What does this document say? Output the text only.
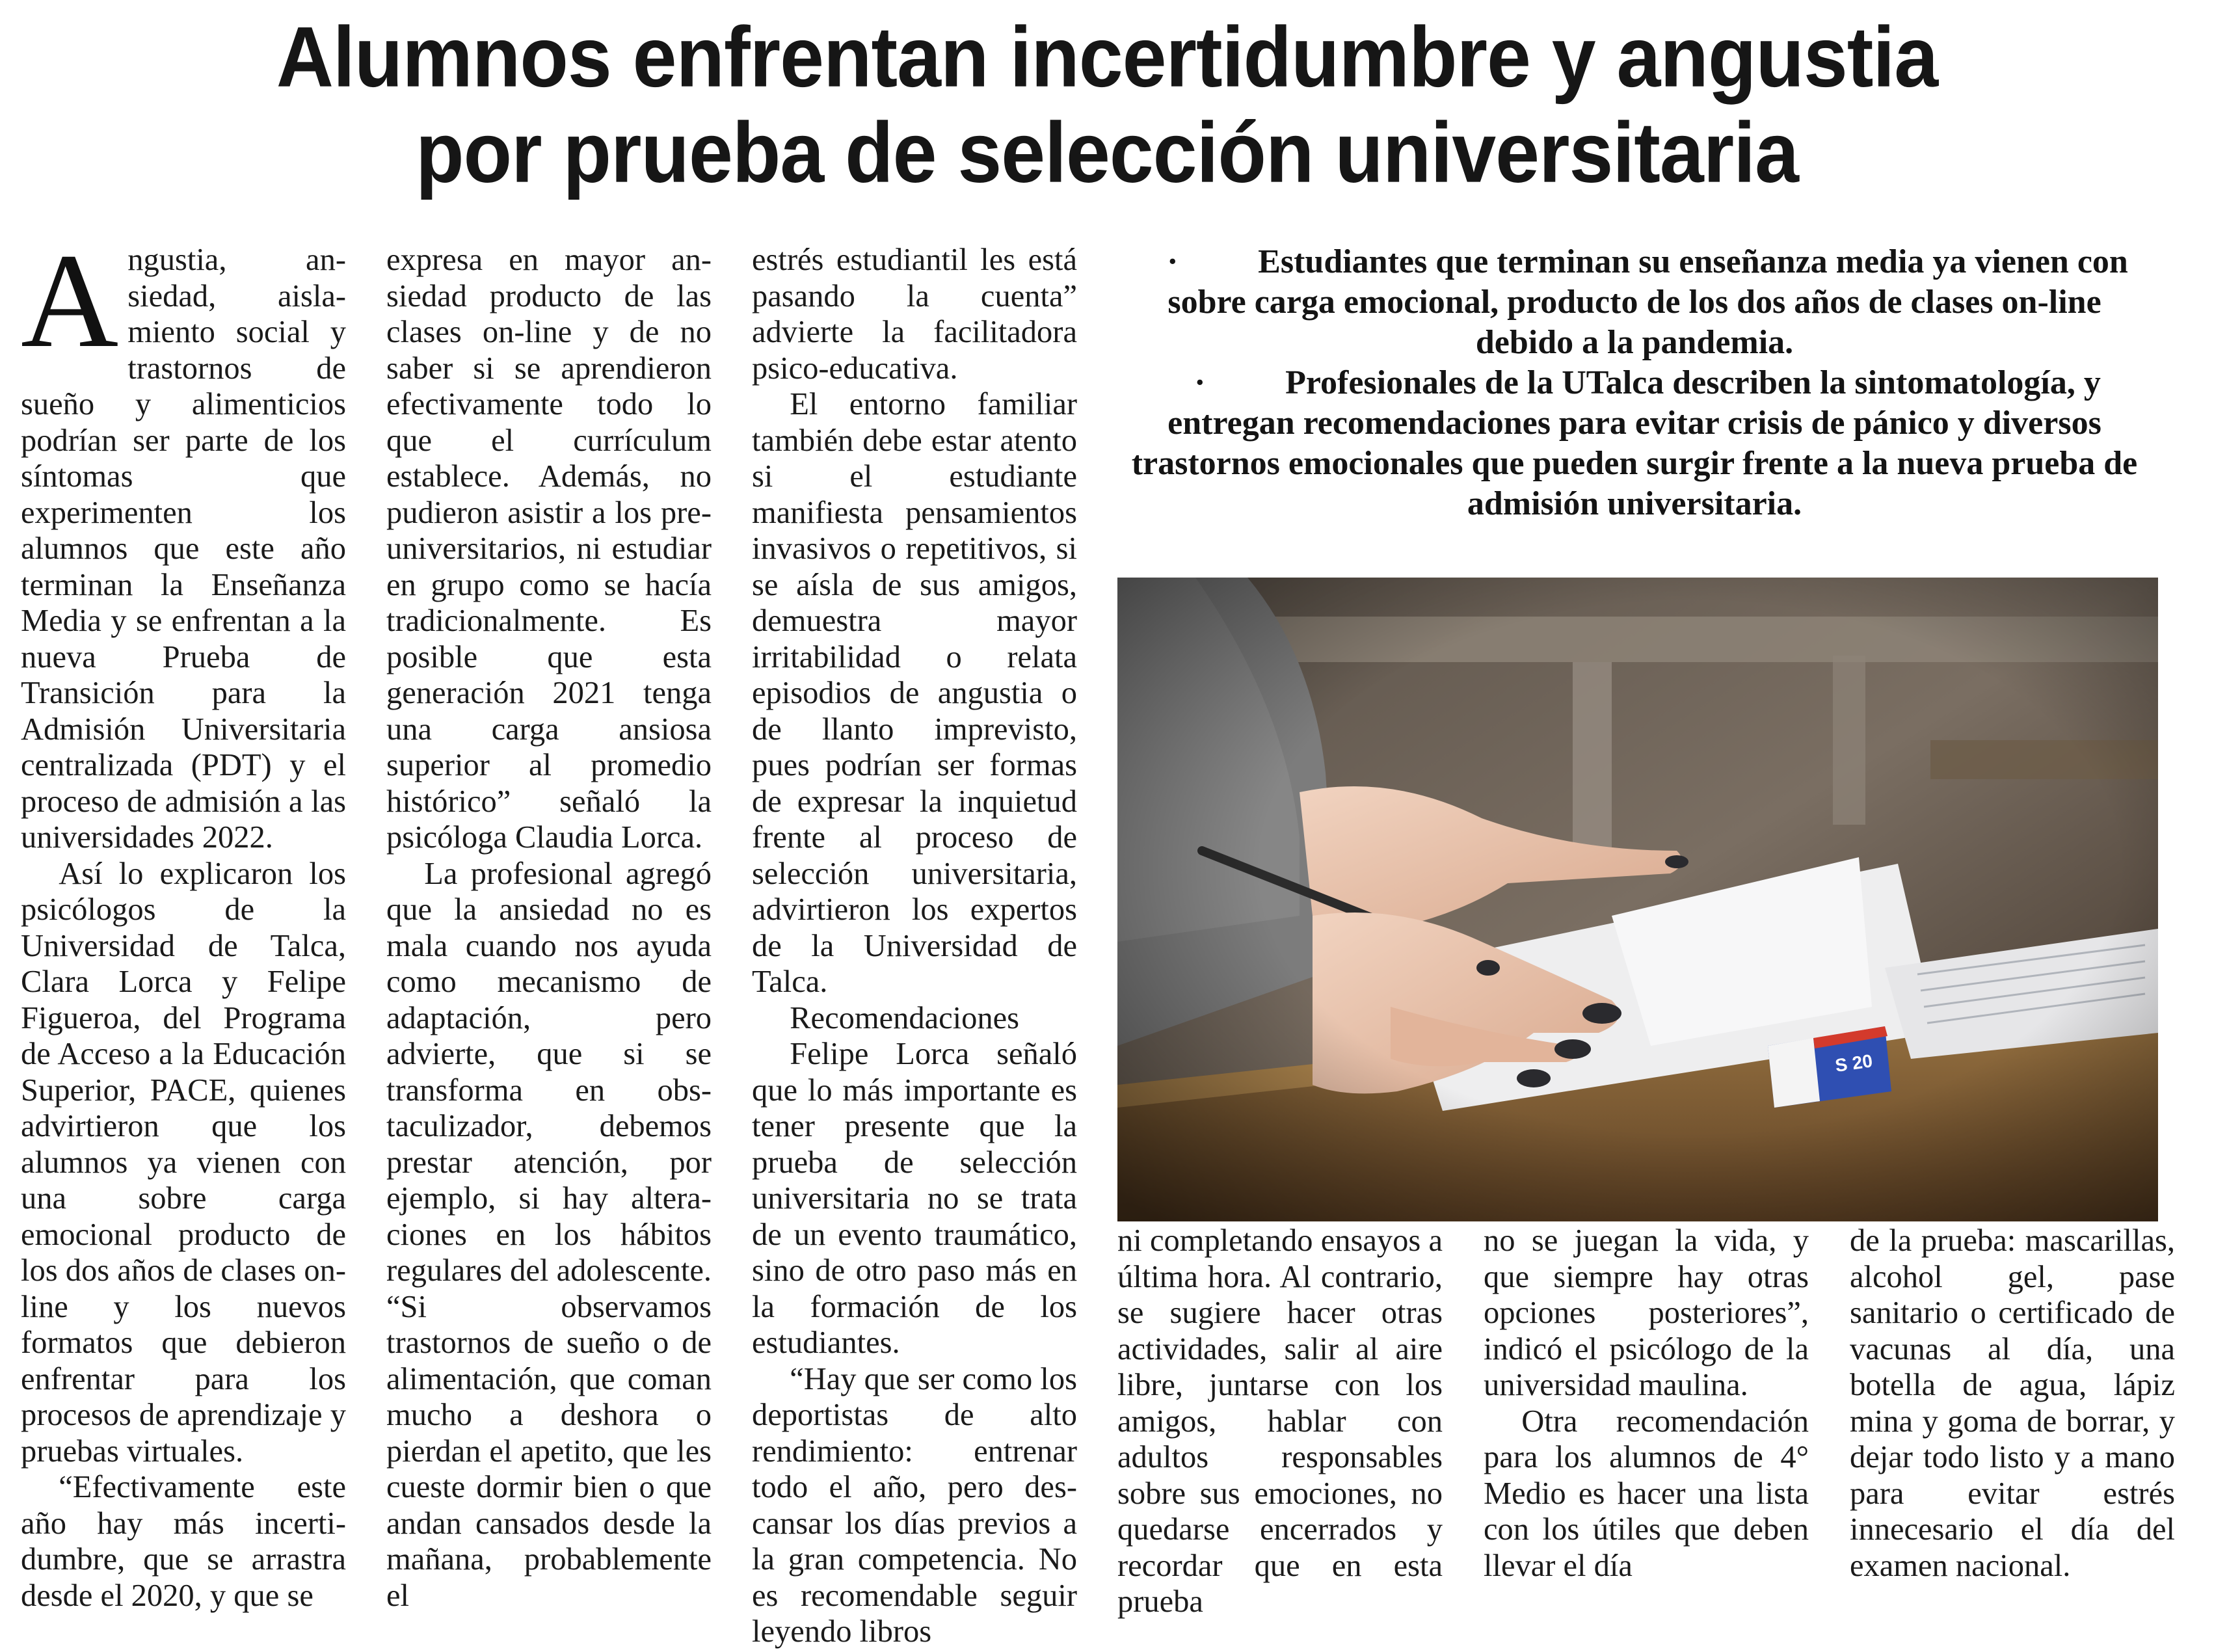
Alumnos enfrentan incertidumbre y angustia
por prueba de selección universitaria

Angustia, ansiedad, aislamiento social y trastornos de sueño y alimenticios podrían ser parte de los síntomas que experimenten los alumnos que este año terminan la Enseñanza Media y se enfrentan a la nueva Prueba de Transición para la Admisión Universitaria centralizada (PDT) y el proceso de admisión a las universidades 2022.

Así lo explicaron los psicólogos de la Universidad de Talca, Clara Lorca y Felipe Figueroa, del Programa de Acceso a la Educación Superior, PACE, quienes advirtieron que los alumnos ya vienen con una sobre carga emocional producto de los dos años de clases on-line y los nuevos formatos que debieron enfrentar para los procesos de aprendizaje y pruebas virtuales.

“Efectivamente este año hay más incertidumbre, que se arrastra desde el 2020, y que se

expresa en mayor ansiedad producto de las clases on-line y de no saber si se aprendieron efectivamente todo lo que el currículum establece. Además, no pudieron asistir a los pre-universitarios, ni estudiar en grupo como se hacía tradicionalmente. Es posible que esta generación 2021 tenga una carga ansiosa superior al promedio histórico” señaló la psicóloga Claudia Lorca.

La profesional agregó que la ansiedad no es mala cuando nos ayuda como mecanismo de adaptación, pero advierte, que si se transforma en obstaculizador, debemos prestar atención, por ejemplo, si hay alteraciones en los hábitos regulares del adolescente. “Si observamos trastornos de sueño o de alimentación, que coman mucho a deshora o pierdan el apetito, que les cueste dormir bien o que andan cansados desde la mañana, probablemente el

estrés estudiantil les está pasando la cuenta” advierte la facilitadora psico-educativa.

El entorno familiar también debe estar atento si el estudiante manifiesta pensamientos invasivos o repetitivos, si se aísla de sus amigos, demuestra mayor irritabilidad o relata episodios de angustia o de llanto imprevisto, pues podrían ser formas de expresar la inquietud frente al proceso de selección universitaria, advirtieron los expertos de la Universidad de Talca.

Recomendaciones

Felipe Lorca señaló que lo más importante es tener presente que la prueba de selección universitaria no se trata de un evento traumático, sino de otro paso más en la formación de los estudiantes.

“Hay que ser como los deportistas de alto rendimiento: entrenar todo el año, pero descansar los días previos a la gran competencia. No es recomendable seguir leyendo libros

· Estudiantes que terminan su enseñanza media ya vienen con sobre carga emocional, producto de los dos años de clases on-line debido a la pandemia.

· Profesionales de la UTalca describen la sintomatología, y entregan recomendaciones para evitar crisis de pánico y diversos trastornos emocionales que pueden surgir frente a la nueva prueba de admisión universitaria.

ni completando ensayos a última hora. Al contrario, se sugiere hacer otras actividades, salir al aire libre, juntarse con los amigos, hablar con adultos responsables sobre sus emociones, no quedarse encerrados y recordar que en esta prueba

no se juegan la vida, y que siempre hay otras opciones posteriores”, indicó el psicólogo de la universidad maulina.

Otra recomendación para los alumnos de 4° Medio es hacer una lista con los útiles que deben llevar el día

de la prueba: mascarillas, alcohol gel, pase sanitario o certificado de vacunas al día, una botella de agua, lápiz mina y goma de borrar, y dejar todo listo y a mano para evitar estrés innecesario el día del examen nacional.
